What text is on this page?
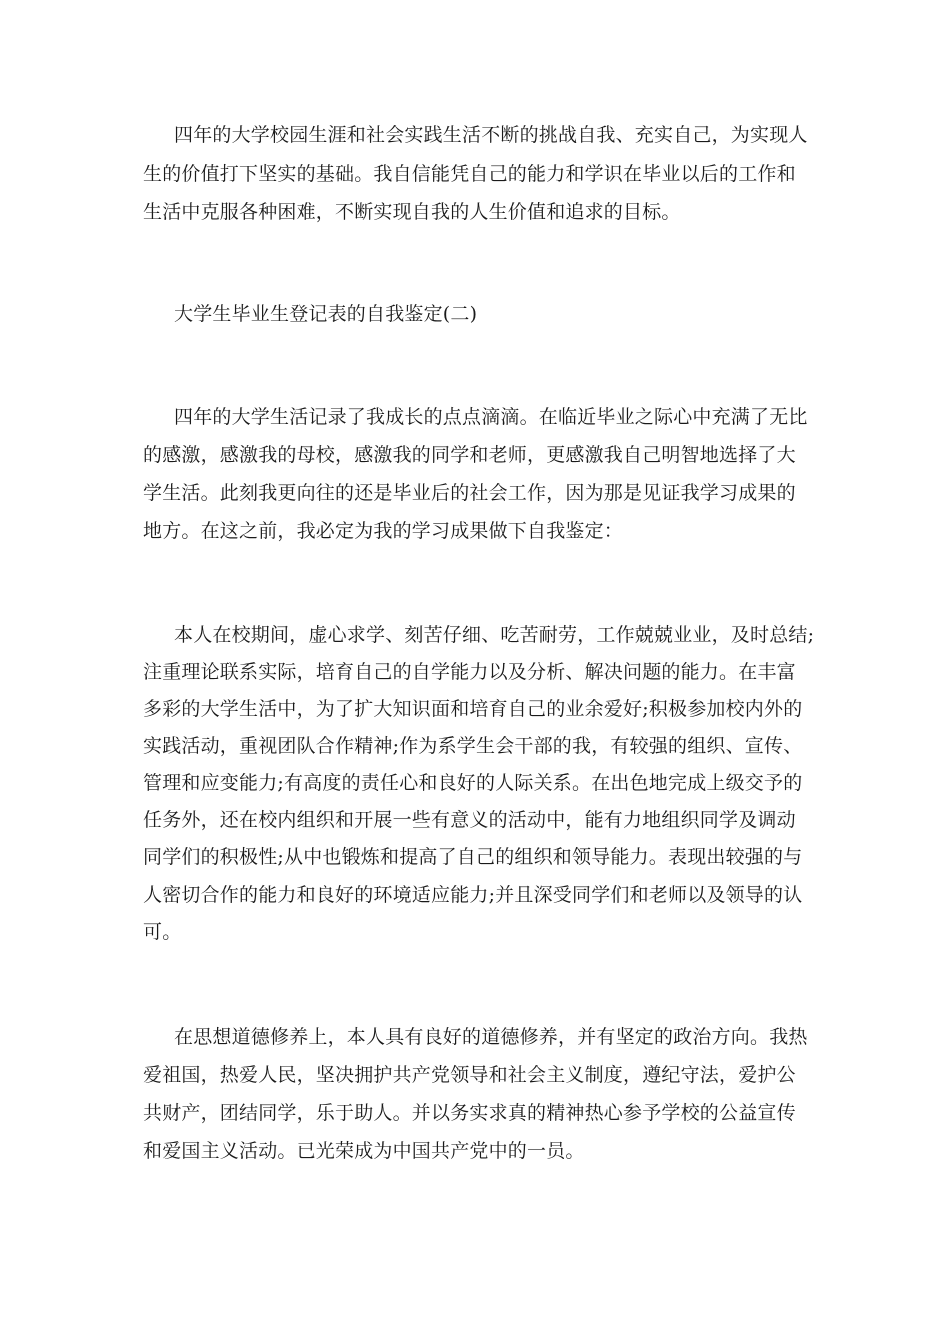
四年的大学校园生涯和社会实践生活不断的挑战自我、充实自己，为实现人

生的价值打下坚实的基础。我自信能凭自己的能力和学识在毕业以后的工作和

生活中克服各种困难，不断实现自我的人生价值和追求的目标。

大学生毕业生登记表的自我鉴定(二)

四年的大学生活记录了我成长的点点滴滴。在临近毕业之际心中充满了无比

的感激，感激我的母校，感激我的同学和老师，更感激我自己明智地选择了大

学生活。此刻我更向往的还是毕业后的社会工作，因为那是见证我学习成果的

地方。在这之前，我必定为我的学习成果做下自我鉴定：

本人在校期间，虚心求学、刻苦仔细、吃苦耐劳，工作兢兢业业，及时总结;

注重理论联系实际，培育自己的自学能力以及分析、解决问题的能力。在丰富

多彩的大学生活中，为了扩大知识面和培育自己的业余爱好;积极参加校内外的

实践活动，重视团队合作精神;作为系学生会干部的我，有较强的组织、宣传、

管理和应变能力;有高度的责任心和良好的人际关系。在出色地完成上级交予的

任务外，还在校内组织和开展一些有意义的活动中，能有力地组织同学及调动

同学们的积极性;从中也锻炼和提高了自己的组织和领导能力。表现出较强的与

人密切合作的能力和良好的环境适应能力;并且深受同学们和老师以及领导的认

可。

在思想道德修养上，本人具有良好的道德修养，并有坚定的政治方向。我热

爱祖国，热爱人民，坚决拥护共产党领导和社会主义制度，遵纪守法，爱护公

共财产，团结同学，乐于助人。并以务实求真的精神热心参予学校的公益宣传

和爱国主义活动。已光荣成为中国共产党中的一员。
